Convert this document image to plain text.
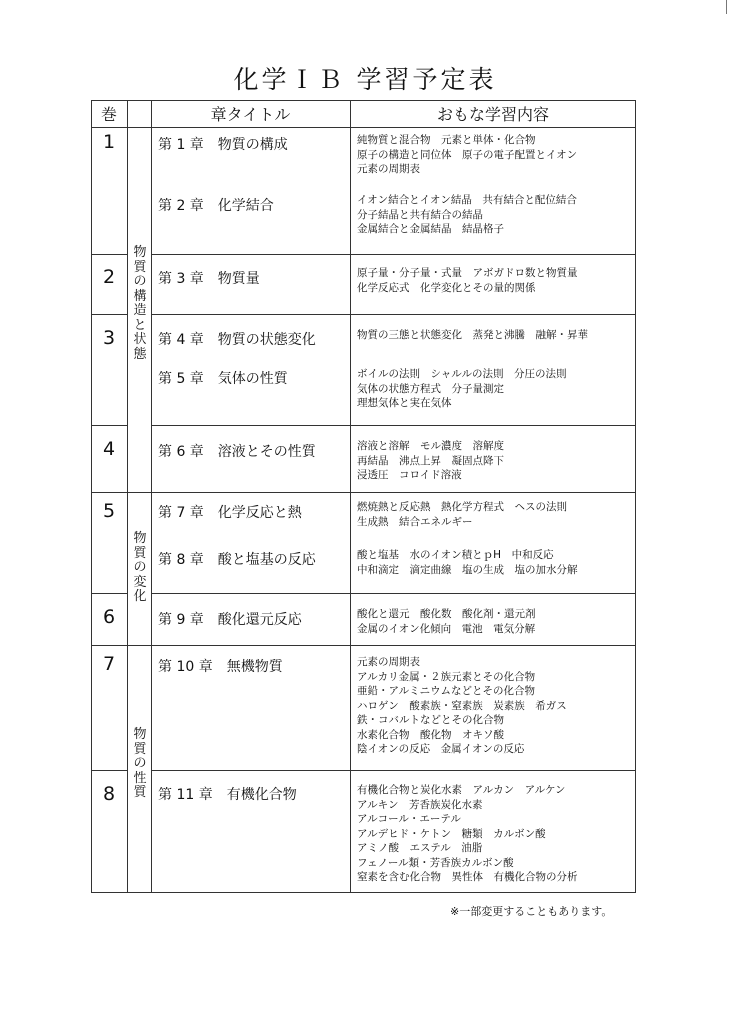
化学ＩＢ 学習予定表
巻	章タイトル	おもな学習内容
1
2
3
4
5
6
7
8
物
質
の
構
造
と
状
態
物
質
の
変
化
物
質
の
性
質
第 1 章　物質の構成
第 2 章　化学結合
第 3 章　物質量
第 4 章　物質の状態変化
第 5 章　気体の性質
第 6 章　溶液とその性質
第 7 章　化学反応と熱
第 8 章　酸と塩基の反応
第 9 章　酸化還元反応
第 10 章　無機物質
第 11 章　有機化合物
純物質と混合物　元素と単体・化合物
原子の構造と同位体　原子の電子配置とイオン
元素の周期表
イオン結合とイオン結晶　共有結合と配位結合
分子結晶と共有結合の結晶
金属結合と金属結晶　結晶格子
原子量・分子量・式量　アボガドロ数と物質量
化学反応式　化学変化とその量的関係
物質の三態と状態変化　蒸発と沸騰　融解・昇華
ボイルの法則　シャルルの法則　分圧の法則
気体の状態方程式　分子量測定
理想気体と実在気体
溶液と溶解　モル濃度　溶解度
再結晶　沸点上昇　凝固点降下
浸透圧　コロイド溶液
燃焼熱と反応熱　熱化学方程式　ヘスの法則
生成熱　結合エネルギー
酸と塩基　水のイオン積とｐH　中和反応
中和滴定　滴定曲線　塩の生成　塩の加水分解
酸化と還元　酸化数　酸化剤・還元剤
金属のイオン化傾向　電池　電気分解
元素の周期表
アルカリ金属・２族元素とその化合物
亜鉛・アルミニウムなどとその化合物
ハロゲン　酸素族・窒素族　炭素族　希ガス
鉄・コバルトなどとその化合物
水素化合物　酸化物　オキソ酸
陰イオンの反応　金属イオンの反応
有機化合物と炭化水素　アルカン　アルケン
アルキン　芳香族炭化水素
アルコール・エーテル
アルデヒド・ケトン　糖類　カルボン酸
アミノ酸　エステル　油脂
フェノール類・芳香族カルボン酸
窒素を含む化合物　異性体　有機化合物の分析
※一部変更することもあります。
